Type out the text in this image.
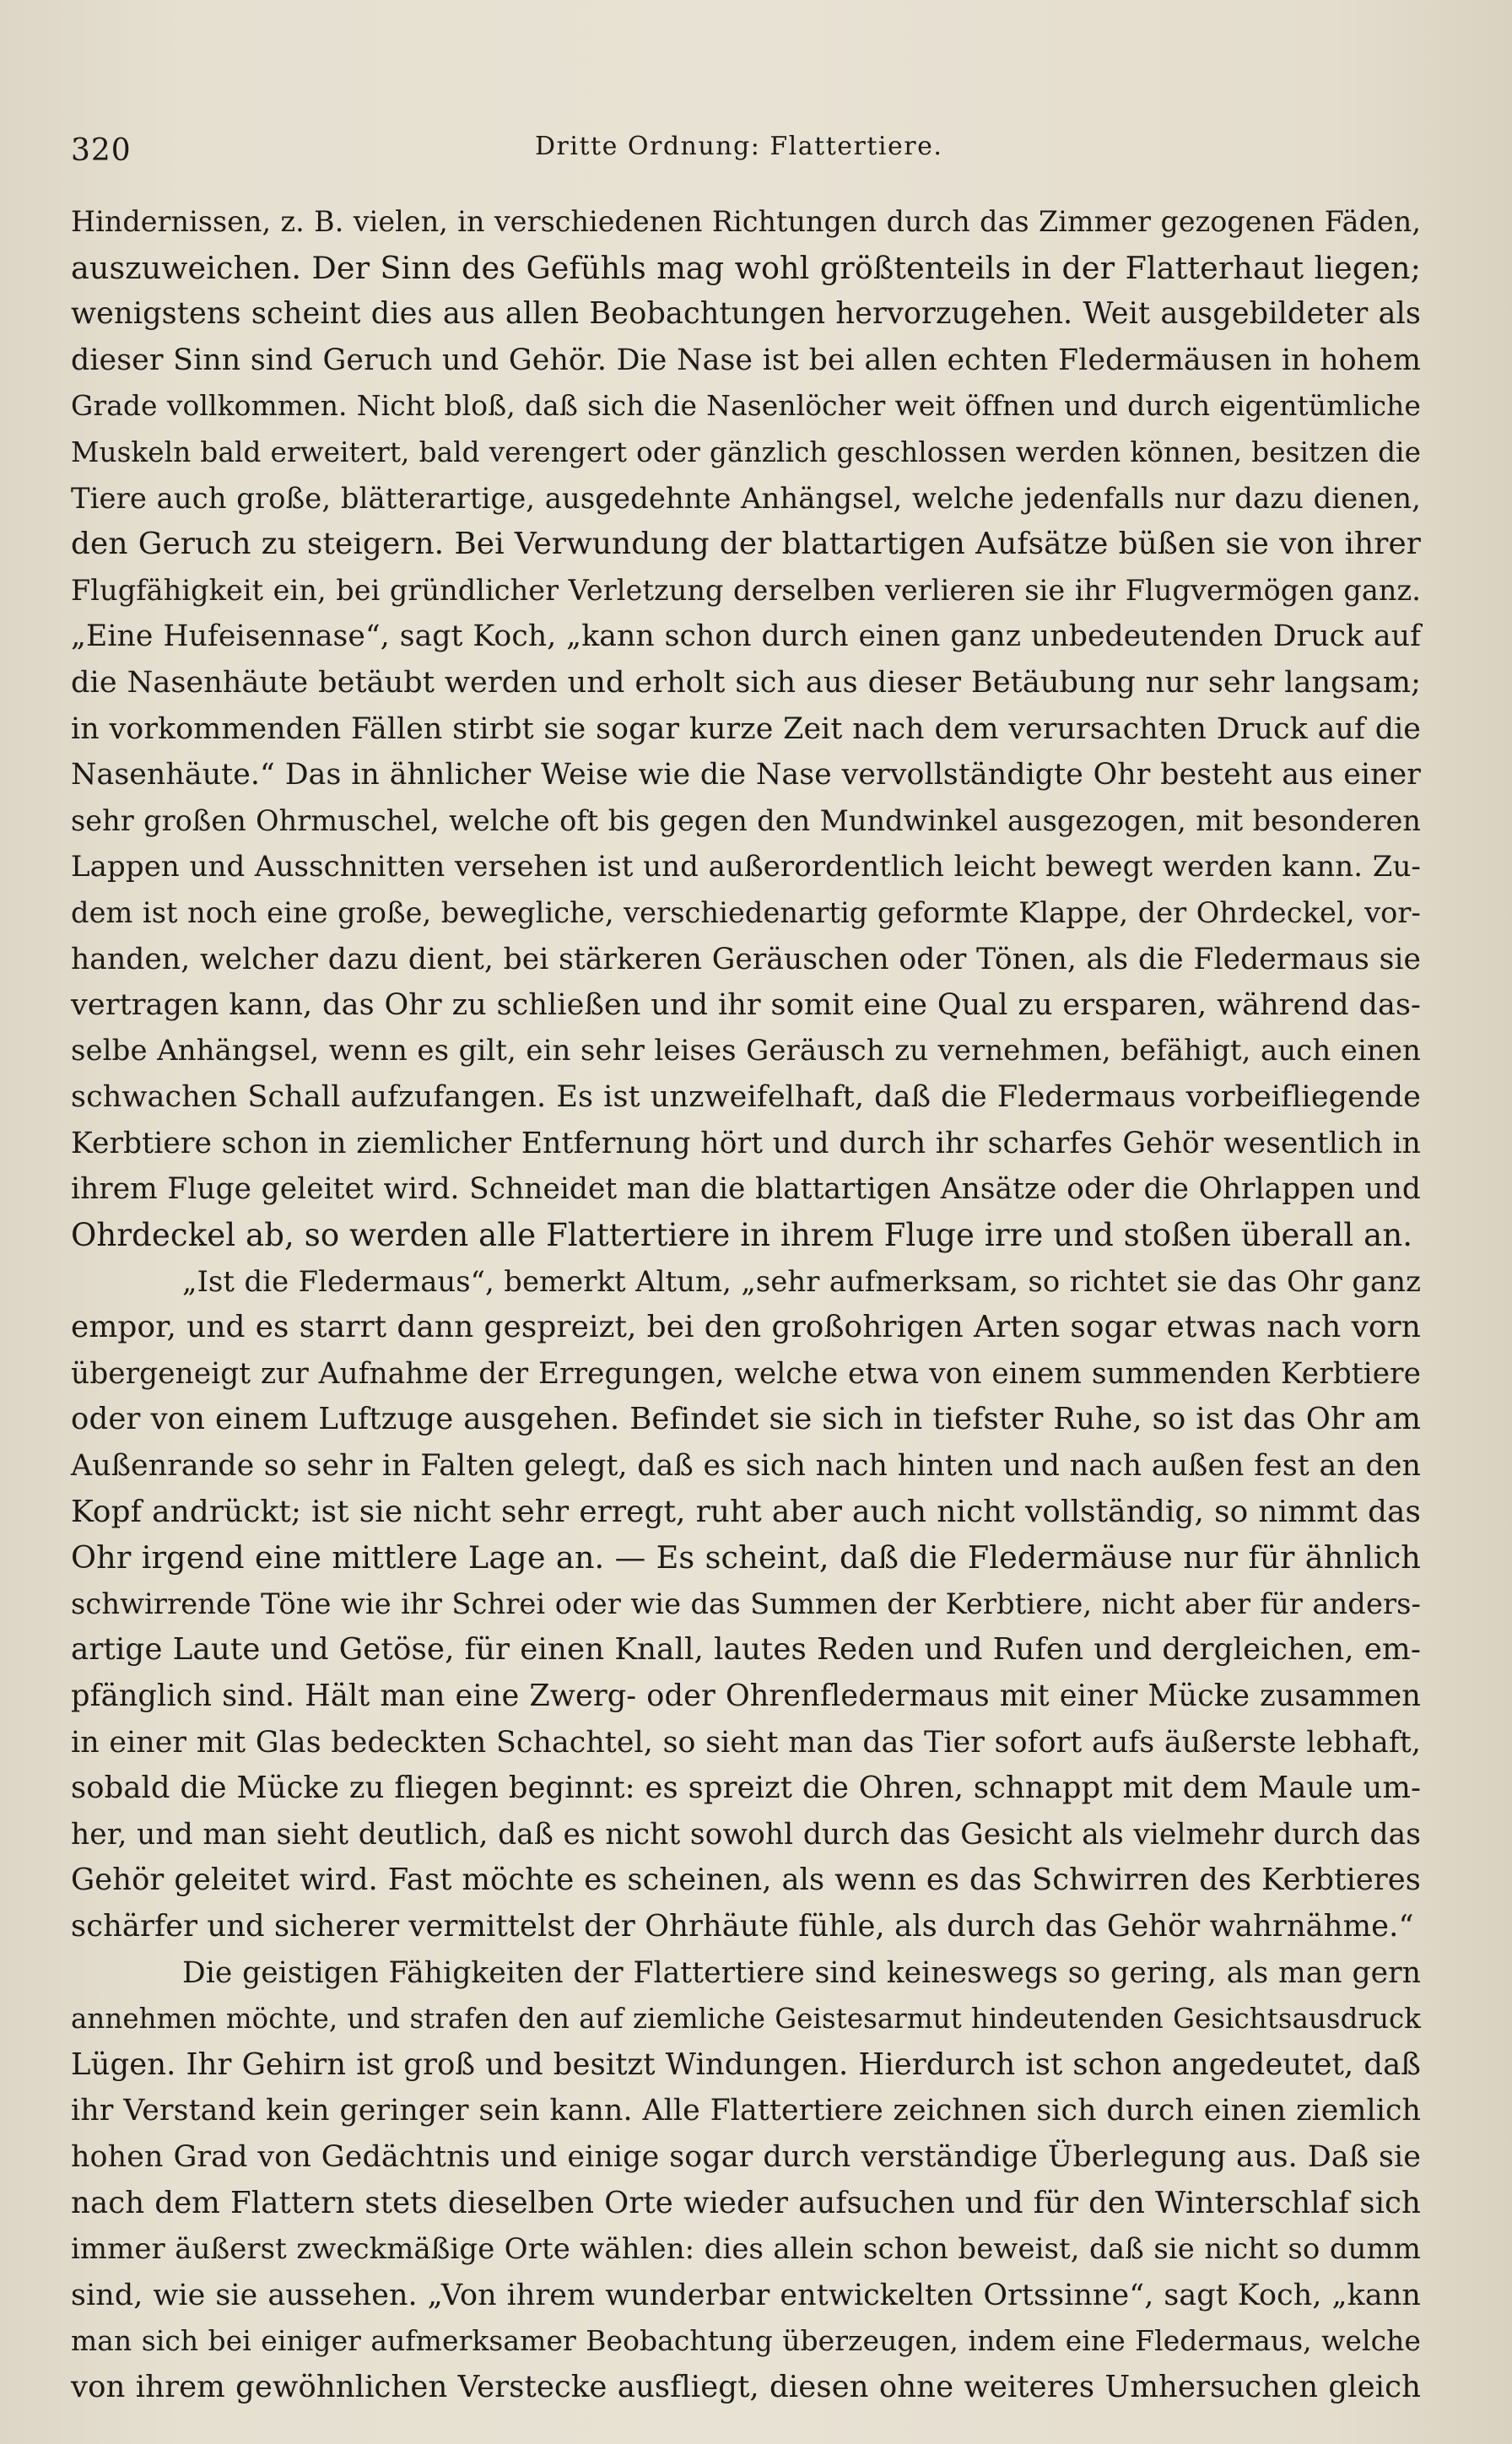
320	Dritte Ordnung: Flattertiere.
Hindernissen, z. B. vielen, in verschiedenen Richtungen durch das Zimmer gezogenen Fäden,
auszuweichen. Der Sinn des Gefühls mag wohl größtenteils in der Flatterhaut liegen;
wenigstens scheint dies aus allen Beobachtungen hervorzugehen. Weit ausgebildeter als
dieser Sinn sind Geruch und Gehör. Die Nase ist bei allen echten Fledermäusen in hohem
Grade vollkommen. Nicht bloß, daß sich die Nasenlöcher weit öffnen und durch eigentümliche
Muskeln bald erweitert, bald verengert oder gänzlich geschlossen werden können, besitzen die
Tiere auch große, blätterartige, ausgedehnte Anhängsel, welche jedenfalls nur dazu dienen,
den Geruch zu steigern. Bei Verwundung der blattartigen Aufsätze büßen sie von ihrer
Flugfähigkeit ein, bei gründlicher Verletzung derselben verlieren sie ihr Flugvermögen ganz.
„Eine Hufeisennase“, sagt Koch, „kann schon durch einen ganz unbedeutenden Druck auf
die Nasenhäute betäubt werden und erholt sich aus dieser Betäubung nur sehr langsam;
in vorkommenden Fällen stirbt sie sogar kurze Zeit nach dem verursachten Druck auf die
Nasenhäute.“ Das in ähnlicher Weise wie die Nase vervollständigte Ohr besteht aus einer
sehr großen Ohrmuschel, welche oft bis gegen den Mundwinkel ausgezogen, mit besonderen
Lappen und Ausschnitten versehen ist und außerordentlich leicht bewegt werden kann. Zu-
dem ist noch eine große, bewegliche, verschiedenartig geformte Klappe, der Ohrdeckel, vor-
handen, welcher dazu dient, bei stärkeren Geräuschen oder Tönen, als die Fledermaus sie
vertragen kann, das Ohr zu schließen und ihr somit eine Qual zu ersparen, während das-
selbe Anhängsel, wenn es gilt, ein sehr leises Geräusch zu vernehmen, befähigt, auch einen
schwachen Schall aufzufangen. Es ist unzweifelhaft, daß die Fledermaus vorbeifliegende
Kerbtiere schon in ziemlicher Entfernung hört und durch ihr scharfes Gehör wesentlich in
ihrem Fluge geleitet wird. Schneidet man die blattartigen Ansätze oder die Ohrlappen und
Ohrdeckel ab, so werden alle Flattertiere in ihrem Fluge irre und stoßen überall an.
„Ist die Fledermaus“, bemerkt Altum, „sehr aufmerksam, so richtet sie das Ohr ganz
empor, und es starrt dann gespreizt, bei den großohrigen Arten sogar etwas nach vorn
übergeneigt zur Aufnahme der Erregungen, welche etwa von einem summenden Kerbtiere
oder von einem Luftzuge ausgehen. Befindet sie sich in tiefster Ruhe, so ist das Ohr am
Außenrande so sehr in Falten gelegt, daß es sich nach hinten und nach außen fest an den
Kopf andrückt; ist sie nicht sehr erregt, ruht aber auch nicht vollständig, so nimmt das
Ohr irgend eine mittlere Lage an. — Es scheint, daß die Fledermäuse nur für ähnlich
schwirrende Töne wie ihr Schrei oder wie das Summen der Kerbtiere, nicht aber für anders-
artige Laute und Getöse, für einen Knall, lautes Reden und Rufen und dergleichen, em-
pfänglich sind. Hält man eine Zwerg- oder Ohrenfledermaus mit einer Mücke zusammen
in einer mit Glas bedeckten Schachtel, so sieht man das Tier sofort aufs äußerste lebhaft,
sobald die Mücke zu fliegen beginnt: es spreizt die Ohren, schnappt mit dem Maule um-
her, und man sieht deutlich, daß es nicht sowohl durch das Gesicht als vielmehr durch das
Gehör geleitet wird. Fast möchte es scheinen, als wenn es das Schwirren des Kerbtieres
schärfer und sicherer vermittelst der Ohrhäute fühle, als durch das Gehör wahrnähme.“
Die geistigen Fähigkeiten der Flattertiere sind keineswegs so gering, als man gern
annehmen möchte, und strafen den auf ziemliche Geistesarmut hindeutenden Gesichtsausdruck
Lügen. Ihr Gehirn ist groß und besitzt Windungen. Hierdurch ist schon angedeutet, daß
ihr Verstand kein geringer sein kann. Alle Flattertiere zeichnen sich durch einen ziemlich
hohen Grad von Gedächtnis und einige sogar durch verständige Überlegung aus. Daß sie
nach dem Flattern stets dieselben Orte wieder aufsuchen und für den Winterschlaf sich
immer äußerst zweckmäßige Orte wählen: dies allein schon beweist, daß sie nicht so dumm
sind, wie sie aussehen. „Von ihrem wunderbar entwickelten Ortssinne“, sagt Koch, „kann
man sich bei einiger aufmerksamer Beobachtung überzeugen, indem eine Fledermaus, welche
von ihrem gewöhnlichen Verstecke ausfliegt, diesen ohne weiteres Umhersuchen gleich
